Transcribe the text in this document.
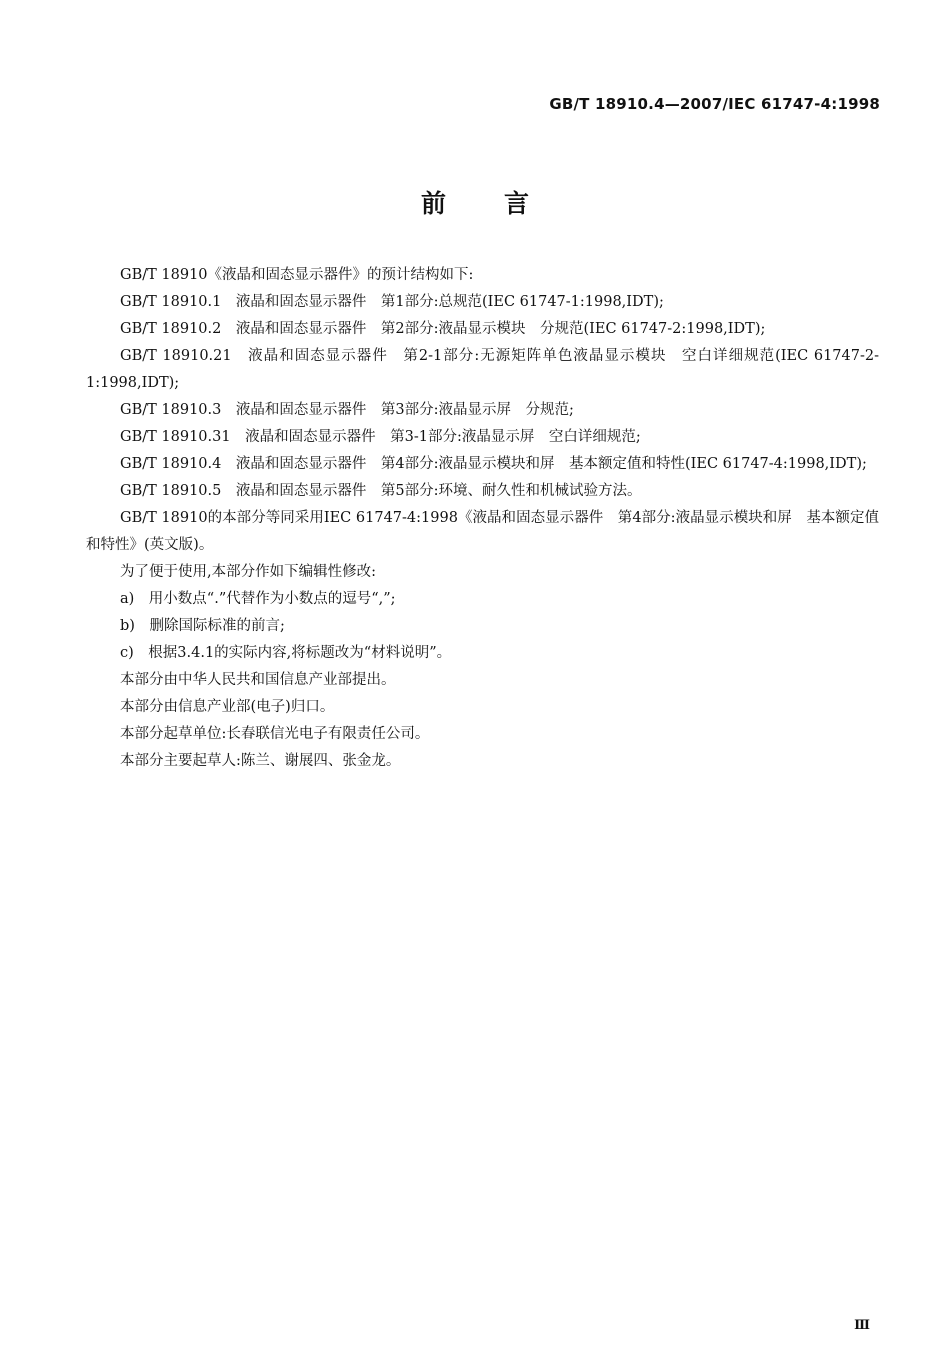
GB/T 18910.4—2007/IEC 61747-4:1998
前言

GB/T 18910《液晶和固态显示器件》的预计结构如下:

GB/T 18910.1　液晶和固态显示器件　第1部分:总规范(IEC 61747-1:1998,IDT);

GB/T 18910.2　液晶和固态显示器件　第2部分:液晶显示模块　分规范(IEC 61747-2:1998,IDT);

GB/T 18910.21　液晶和固态显示器件　第2-1部分:无源矩阵单色液晶显示模块　空白详细规范(IEC 61747-2-1:1998,IDT);

GB/T 18910.3　液晶和固态显示器件　第3部分:液晶显示屏　分规范;

GB/T 18910.31　液晶和固态显示器件　第3-1部分:液晶显示屏　空白详细规范;

GB/T 18910.4　液晶和固态显示器件　第4部分:液晶显示模块和屏　基本额定值和特性(IEC 61747-4:1998,IDT);

GB/T 18910.5　液晶和固态显示器件　第5部分:环境、耐久性和机械试验方法。

GB/T 18910的本部分等同采用IEC 61747-4:1998《液晶和固态显示器件　第4部分:液晶显示模块和屏　基本额定值和特性》(英文版)。

为了便于使用,本部分作如下编辑性修改:

a)　用小数点“.”代替作为小数点的逗号“,”;

b)　删除国际标准的前言;

c)　根据3.4.1的实际内容,将标题改为“材料说明”。

本部分由中华人民共和国信息产业部提出。

本部分由信息产业部(电子)归口。

本部分起草单位:长春联信光电子有限责任公司。

本部分主要起草人:陈兰、谢展四、张金龙。

Ⅲ
